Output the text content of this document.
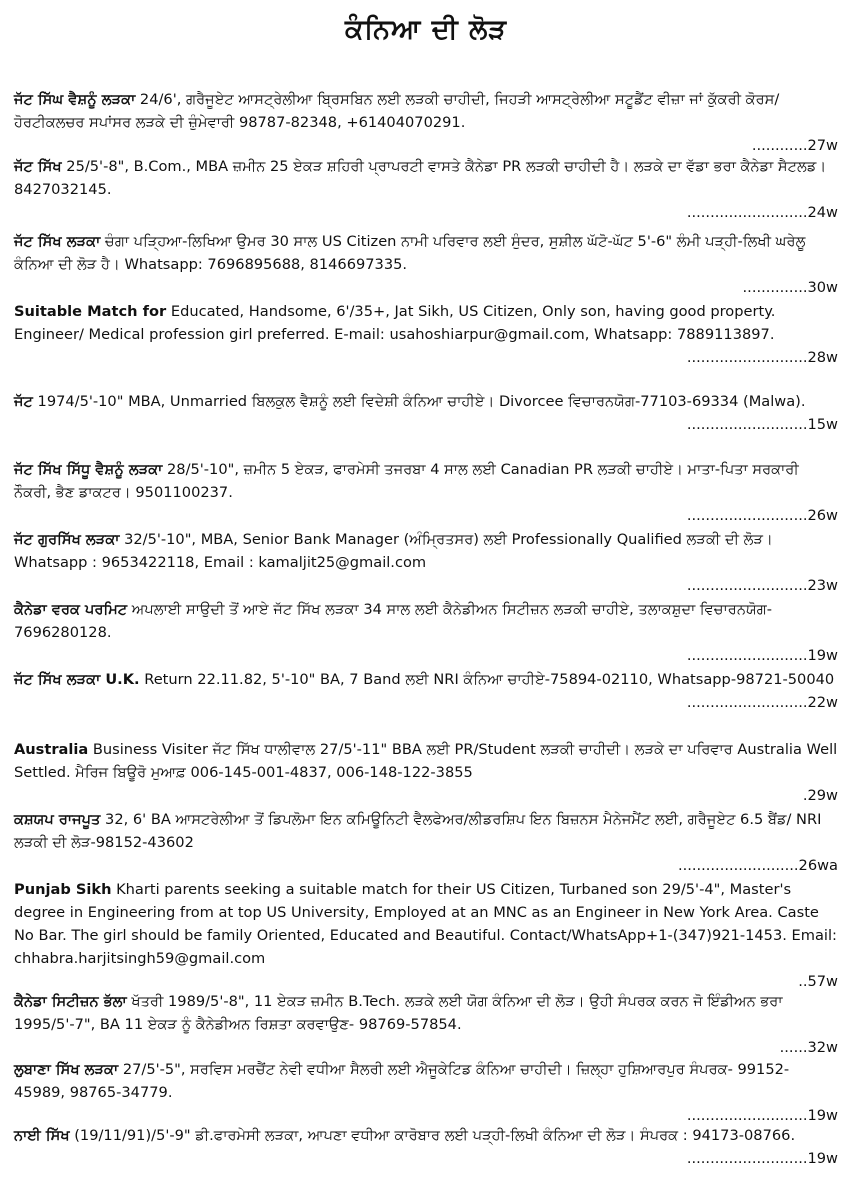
ਕੰਨਿਆ ਦੀ ਲੋੜ
ਜੱਟ ਸਿੱਘ ਵੈਸ਼ਨੂੰ ਲੜਕਾ 24/6', ਗਰੈਜੂਏਟ ਆਸਟ੍ਰੇਲੀਆ ਬ੍ਰਿਸਬਿਨ ਲਈ ਲੜਕੀ ਚਾਹੀਦੀ, ਜਿਹੜੀ ਆਸਟ੍ਰੇਲੀਆ ਸਟੂਡੈਂਟ ਵੀਜ਼ਾ ਜਾਂ ਕੁੱਕਰੀ ਕੋਰਸ/ਹੋਰਟੀਕਲਚਰ ਸਪਾਂਸਰ ਲੜਕੇ ਦੀ ਜ਼ੁੰਮੇਵਾਰੀ 98787-82348, +61404070291.
............27w
ਜੱਟ ਸਿੱਖ 25/5'-8", B.Com., MBA ਜ਼ਮੀਨ 25 ਏਕੜ ਸ਼ਹਿਰੀ ਪ੍ਰਾਪਰਟੀ ਵਾਸਤੇ ਕੈਨੇਡਾ PR ਲੜਕੀ ਚਾਹੀਦੀ ਹੈ। ਲੜਕੇ ਦਾ ਵੱਡਾ ਭਰਾ ਕੈਨੇਡਾ ਸੈਟਲਡ। 8427032145.
..........................24w
ਜੱਟ ਸਿੱਖ ਲੜਕਾ ਚੰਗਾ ਪੜ੍ਹਿਆ-ਲਿਖਿਆ ਉਮਰ 30 ਸਾਲ US Citizen ਨਾਮੀ ਪਰਿਵਾਰ ਲਈ ਸੁੰਦਰ, ਸੁਸ਼ੀਲ ਘੱਟੋ-ਘੱਟ 5'-6" ਲੰਮੀ ਪੜ੍ਹੀ-ਲਿਖੀ ਘਰੇਲੂ ਕੰਨਿਆ ਦੀ ਲੋੜ ਹੈ। Whatsapp: 7696895688, 8146697335.
..............30w
Suitable Match for Educated, Handsome, 6'/35+, Jat Sikh, US Citizen, Only son, having good property. Engineer/ Medical profession girl preferred. E-mail: usahoshiarpur@gmail.com, Whatsapp: 7889113897.
..........................28w
ਜੱਟ 1974/5'-10" MBA, Unmarried ਬਿਲਕੁਲ ਵੈਸ਼ਨੂੰ ਲਈ ਵਿਦੇਸ਼ੀ ਕੰਨਿਆ ਚਾਹੀਏ। Divorcee ਵਿਚਾਰਨਯੋਗ-77103-69334 (Malwa).
..........................15w
ਜੱਟ ਸਿੱਖ ਸਿੱਧੂ ਵੈਸ਼ਨੂੰ ਲੜਕਾ 28/5'-10", ਜ਼ਮੀਨ 5 ਏਕੜ, ਫਾਰਮੇਸੀ ਤਜਰਬਾ 4 ਸਾਲ ਲਈ Canadian PR ਲੜਕੀ ਚਾਹੀਏ। ਮਾਤਾ-ਪਿਤਾ ਸਰਕਾਰੀ ਨੌਕਰੀ, ਭੈਣ ਡਾਕਟਰ। 9501100237.
..........................26w
ਜੱਟ ਗੁਰਸਿੱਖ ਲੜਕਾ 32/5'-10", MBA, Senior Bank Manager (ਅੰਮ੍ਰਿਤਸਰ) ਲਈ Professionally Qualified ਲੜਕੀ ਦੀ ਲੋੜ। Whatsapp : 9653422118, Email : kamaljit25@gmail.com
..........................23w
ਕੈਨੇਡਾ ਵਰਕ ਪਰਮਿਟ ਅਪਲਾਈ ਸਾਉਦੀ ਤੋਂ ਆਏ ਜੱਟ ਸਿੱਖ ਲੜਕਾ 34 ਸਾਲ ਲਈ ਕੈਨੇਡੀਅਨ ਸਿਟੀਜ਼ਨ ਲੜਕੀ ਚਾਹੀਏ, ਤਲਾਕਸ਼ੁਦਾ ਵਿਚਾਰਨਯੋਗ- 7696280128.
..........................19w
ਜੱਟ ਸਿੱਖ ਲੜਕਾ U.K. Return 22.11.82, 5'-10" BA, 7 Band ਲਈ NRI ਕੰਨਿਆ ਚਾਹੀਏ-75894-02110, Whatsapp-98721-50040
..........................22w
Australia Business Visiter ਜੱਟ ਸਿੱਖ ਧਾਲੀਵਾਲ 27/5'-11" BBA ਲਈ PR/Student ਲੜਕੀ ਚਾਹੀਦੀ। ਲੜਕੇ ਦਾ ਪਰਿਵਾਰ Australia Well Settled. ਮੈਰਿਜ ਬਿਊਰੋ ਮੁਆਫ਼ 006-145-001-4837, 006-148-122-3855
.29w
ਕਸ਼ਯਪ ਰਾਜਪੂਤ 32, 6' BA ਆਸਟਰੇਲੀਆ ਤੋਂ ਡਿਪਲੋਮਾ ਇਨ ਕਮਿਊਨਿਟੀ ਵੈਲਫੇਅਰ/ਲੀਡਰਸ਼ਿਪ ਇਨ ਬਿਜ਼ਨਸ ਮੈਨੇਜਮੈਂਟ ਲਈ, ਗਰੈਜੂਏਟ 6.5 ਬੈਂਡ/ NRI ਲੜਕੀ ਦੀ ਲੋੜ-98152-43602
..........................26wa
Punjab Sikh Kharti parents seeking a suitable match for their US Citizen, Turbaned son 29/5'-4", Master's degree in Engineering from at top US University, Employed at an MNC as an Engineer in New York Area. Caste No Bar. The girl should be family Oriented, Educated and Beautiful. Contact/WhatsApp+1-(347)921-1453. Email: chhabra.harjitsingh59@gmail.com
..57w
ਕੈਨੇਡਾ ਸਿਟੀਜ਼ਨ ਭੱਲਾ ਖੱਤਰੀ 1989/5'-8", 11 ਏਕੜ ਜ਼ਮੀਨ B.Tech. ਲੜਕੇ ਲਈ ਯੋਗ ਕੰਨਿਆ ਦੀ ਲੋੜ। ਉਹੀ ਸੰਪਰਕ ਕਰਨ ਜੋ ਇੰਡੀਅਨ ਭਰਾ 1995/5'-7", BA 11 ਏਕੜ ਨੂੰ ਕੈਨੇਡੀਅਨ ਰਿਸ਼ਤਾ ਕਰਵਾਉਣ- 98769-57854.
......32w
ਲੁਬਾਣਾ ਸਿੱਖ ਲੜਕਾ 27/5'-5", ਸਰਵਿਸ ਮਰਚੈਂਟ ਨੇਵੀ ਵਧੀਆ ਸੈਲਰੀ ਲਈ ਐਜੂਕੇਟਿਡ ਕੰਨਿਆ ਚਾਹੀਦੀ। ਜ਼ਿਲ੍ਹਾ ਹੁਸ਼ਿਆਰਪੁਰ ਸੰਪਰਕ- 99152-45989, 98765-34779.
..........................19w
ਨਾਈ ਸਿੱਖ (19/11/91)/5'-9" ਡੀ.ਫਾਰਮੇਸੀ ਲੜਕਾ, ਆਪਣਾ ਵਧੀਆ ਕਾਰੋਬਾਰ ਲਈ ਪੜ੍ਹੀ-ਲਿਖੀ ਕੰਨਿਆ ਦੀ ਲੋੜ। ਸੰਪਰਕ : 94173-08766.
..........................19w
